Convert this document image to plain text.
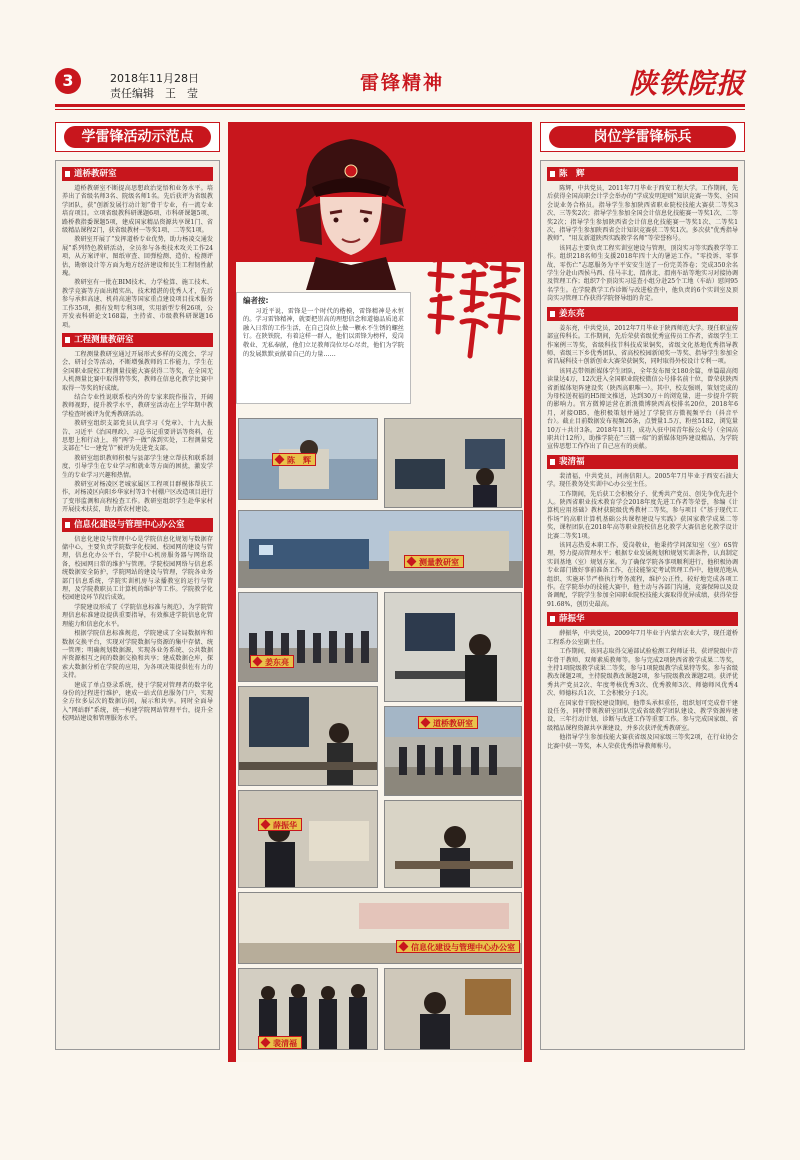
3	2018年11月28日
责任编辑　王　莹	雷锋精神	陕铁院报
学雷锋活动示范点	岗位学雷锋标兵
道桥教研室

道桥教研室不断提高思想政治觉悟和业务水平。培养出了省级名师3名、院级名师1名。先后获评为省级教学团队，获“创新发展行动计划”骨干专业，有一流专业培育项目。立项省级教科研课题6项、市科研课题5项、路桥教指委课题5项，建成国家精品资源共享课1门、省级精品课程2门，获省级教材一等奖1项、二等奖1项。

教研室开展了“发挥道桥专业优势，助力杨凌交通发展”系列特色教研活动，全员参与各类技术攻关工作24项，从方案评审、图纸审查、回弹检测、造价、检测评估，勘察设计等方面为地方经济建设和民生工程韧性献瑰。

教研室有一批在BIM技术、力学检算、施工技术、教学竞赛等方面出精实出、技术精湛的优秀人才，先后参与承担高速、机荷高速等国家重点建设项目技术服务工作35项，拥有发明专利3项，实用新型专利26项，公开发表科研论文168篇，主持省、市级教科研课题16项。

工程测量教研室

工程测量教研室通过开展形式多样的交流会、学习会、研讨会等活动，不断增强教师的工作能力，学生在全国职业院校工程测量技能大赛获得二等奖，在全国无人机测量比赛中取得特等奖，教师在信息化教学比赛中取得一等奖的好成绩。

结合专业性说联系校内外的专家来院作报告，开阔教师视野，提升教学水平，教研室活动在上学年期中教学检查时被评为优秀教研活动。

教研室组织支部党员认真学习《党章》、十九大报告、习近平《治国理政》、习总书记重要讲话等资料，在思想上和行动上，将“两学一做”落到实处，工程测量党支部在“七一建党节”被评为先进党支部。

教研室组织教师积极与县部学生建立帮扶和联系制度，引导学生在专业学习和就业等方面的困扰，激发学生的专业学习兴趣和热情。

教研室对杨凌区老城家属区工程项目群模体帮扶工作，对杨凌区向阳乡华家村等3个村棚户区改造项目进行了变形监测和高程检查工作。教研室组织学生赴华家村开展技术扶贫，助力新农村建设。

信息化建设与管理中心办公室

信息化建设与管理中心是学院信息化规划与数据存储中心，主要负责学院数字化校园、校园网的建设与管理，信息化办公平台，学院中心机房服务器与网络设备，校园网日常的维护与管理。学院校园网络与信息系统数据安全防护，学院网站的建设与管理，学院各业务部门信息系统，学院实训机房与录播教室的运行与管理，及学院教职员工计算机的维护等工作。学院教学化校园建设环节段后成效。

学院建设形成了《学院信息标准与规范》，为学院管理信息标准建设提供重要指导，有效推进学院信息化管理能力和信息化水平。

根据学院信息标准规范，学院建成了全局数据库和数据交换平台，实现对学院数据与资源的集中存储、统一管理；明确规划数据源，实现各业务系统、公共数据库资源相互之间的数据交换和共享；建成数据仓库，探索大数据分析在学院的应用，为各项决策提供佐有力的支持。

建成了单点登录系统，使于学院对管理者的数字化身份的过程进行维护，建成一站式信息服务门户，实现全方位多层次的数据访问，展示和共享。同时全面导入“网站群”系统，统一构建学院网站管理平台，提升全校网站建设和管理服务水平。

陈　辉

陈辉，中共党员，2011年7月毕业于西安工程大学。工作期间，先后获得全国高职会计学会举办的“学成发明迎则”知识竞赛一等奖、全国会说业务合格员。指导学生参加陕西省职业院校技能大赛获二等奖3次、三等奖2次；指导学生参加全国会计信息化技能赛一等奖1次、二等奖2次；指导学生参加陕西省会计信息化技能赛一等奖1次、二等奖1次，指导学生参加陕西省会计知识竞赛获二等奖1次。多次获“优秀指导教师”、“用友新道陕西实践教学名师”等荣誉称号。

该同志主要负责工程实训室建设与管理，顶岗实习等实践教学等工作。组织218名师生支援2018年四十大的暑运工作。“零投诉、零事故、零伤亡”志愿服务为平平安安生送了一份完美答卷；完成350余名学生分赴山西侯马西、佳马丰北、渭南北、渭南车站等地实习对接协调及管理工作；组织7个顶岗实习巡查小组分赴25个工地（车站）慰问95名学生。在学院教学工作诊断与改进检查中，他负责的6个实训室及顶岗实习管理工作获得学院督导组的肯定。

姜东亮

姜东亮，中共党员，2012年7月毕业于陕西师范大学。现任职宣传部宣传科长。工作期间，先后荣获省级优秀宣传员工作者，省级学生工作案例三等奖，省级科技节科技成果铜奖，省级文化基地优秀指导教师、省级三下乡优秀团队、省高校校园新闻奖一等奖、指导学生参加全省昌展科技＋创新创业大赛荣获铜奖，同时取得外校设计专利一项。

该同志带领新媒体学生团队，全年发布图文180余篇，单篇最高阅读量达4万，12次进入全国职业院校微信公号排名前十位，曾荣获陕西省新媒体矩阵建设奖（陕西高职唯一）。其中，校友强则，策划完成的为母校送祝福的H5图文推送，达到30万＋的浏览量，进一步提升学院的影响力。官方微博运营在新浪微博陕西高校排名20位，2018年6月，对接OB5，他积极策划并通过了学院官方微视频平台（抖音平台）。截止目前数据发布视频26条，点赞量1.5万，粉丝5182，浏览量10万＋共计3条。2018年11月，成功入驻中国青年报公众号（全国高职共计12所），助推学院在“三微一端”的新媒体矩阵建设精品，为学院宣传思想工作作出了自己应有的贡献。

裴清福

裴清福，中共党员，河南信阳人。2005年7月毕业于西安石油大学。现任教务处实训中心办公室主任。

工作期间，先后获工会积极分子、优秀共产党员、创先争优先进个人。陕西省职业技术教育学会2018年度先进工作者等荣誉，参编《计算机应用基础》教材获院级优秀教材二等奖，参与项目《“基于现代工作场”的高职计算机基础公共课程建设与实践》获国家教学成果二等奖，课程团队在2018年高等职业院校信息化教学大赛信息化教学设计比赛二等奖1项。

该同志热爱本职工作，爱岗敬业，他秉持学问深知室（室）6S管理，努力提高管理水平；根据专业发展规划和规划实训条件，认真制定实训基地（室）规划方案。为了确保学院各事项顺利进行，他积极协调专业部门做好事前准备工作，在技能鉴定考试管理工作中，他规范地从组织、实施环节严格执行考务流程，维护公正性，较好地完成各项工作。在学院举办的技能大赛中，他主动与各部门沟通，竞赛保障以及设备调配，学院学生参加全国职业院校技能大赛取得优异成绩，获得荣誉91.68%，创历史最高。

薛振华

薛振华，中共党员，2009年7月毕业于内蒙古农业大学，现任道桥工程系办公室副主任。

工作期间，该同志取得交通部试验检测工程师证书，获评院级中青年骨干教师、双师素质教师等。参与完成2项陕西省教学成果二等奖，主持1项院级教学成果二等奖，参与1项院级教学成果特等奖。参与省级教改课题2项，主持院级教改课题2项，参与院级教改课题2项。获评优秀共产党员2次、年度考核优秀3次、优秀教师3次、师德师风优秀4次、师德标兵1次、工会积极分子1次。

在国家骨干院校建设期间，他带头承担重任，组织划可完成骨干建设任务，同时带领教研室团队完成省级教学团队建设、教学资源库建设、三年行动计划、诊断与改进工作等重要工作。参与完成国家级、省级精品课程资源共享课建设，并多次获评优秀教研室。

他指导学生参加技能大赛获省级及国家级三等奖2项，在行业协会比赛中获一等奖，本人荣获优秀指导教师称号。

编者按:

习近平说，雷锋是一个时代的楷模，雷锋精神是永恒的。学习雷锋精神，就要把崇高的理想信念和道德品质追求融入日常的工作生活，在自己岗位上做一颗永不生锈的螺丝钉。在陕铁院，有着这样一群人，他们以雷锋为榜样，爱岗敬业、无私奉献，他们立足教师岗位尽心尽责，他们为学院的发展默默贡献着自己的力量……

陈　辉
测量教研室
姜东亮
道桥教研室
薛振华
信息化建设与管理中心办公室
裴清福
